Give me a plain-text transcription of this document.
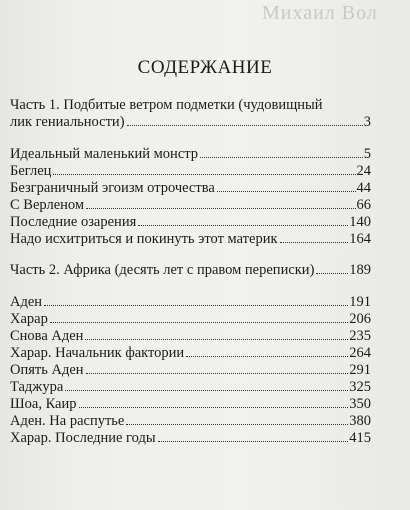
Михаил Вол
СОДЕРЖАНИЕ
Часть 1. Подбитые ветром подметки (чудовищный
лик гениальности)	3
Идеальный маленький монстр	5
Беглец	24
Безграничный эгоизм отрочества	44
С Верленом	66
Последние озарения	140
Надо исхитриться и покинуть этот материк	164
Часть 2. Африка (десять лет с правом переписки) 189
Аден	191
Харар	206
Снова Аден	235
Харар. Начальник фактории	264
Опять Аден	291
Таджура	325
Шоа, Каир	350
Аден. На распутье	380
Харар. Последние годы	415
